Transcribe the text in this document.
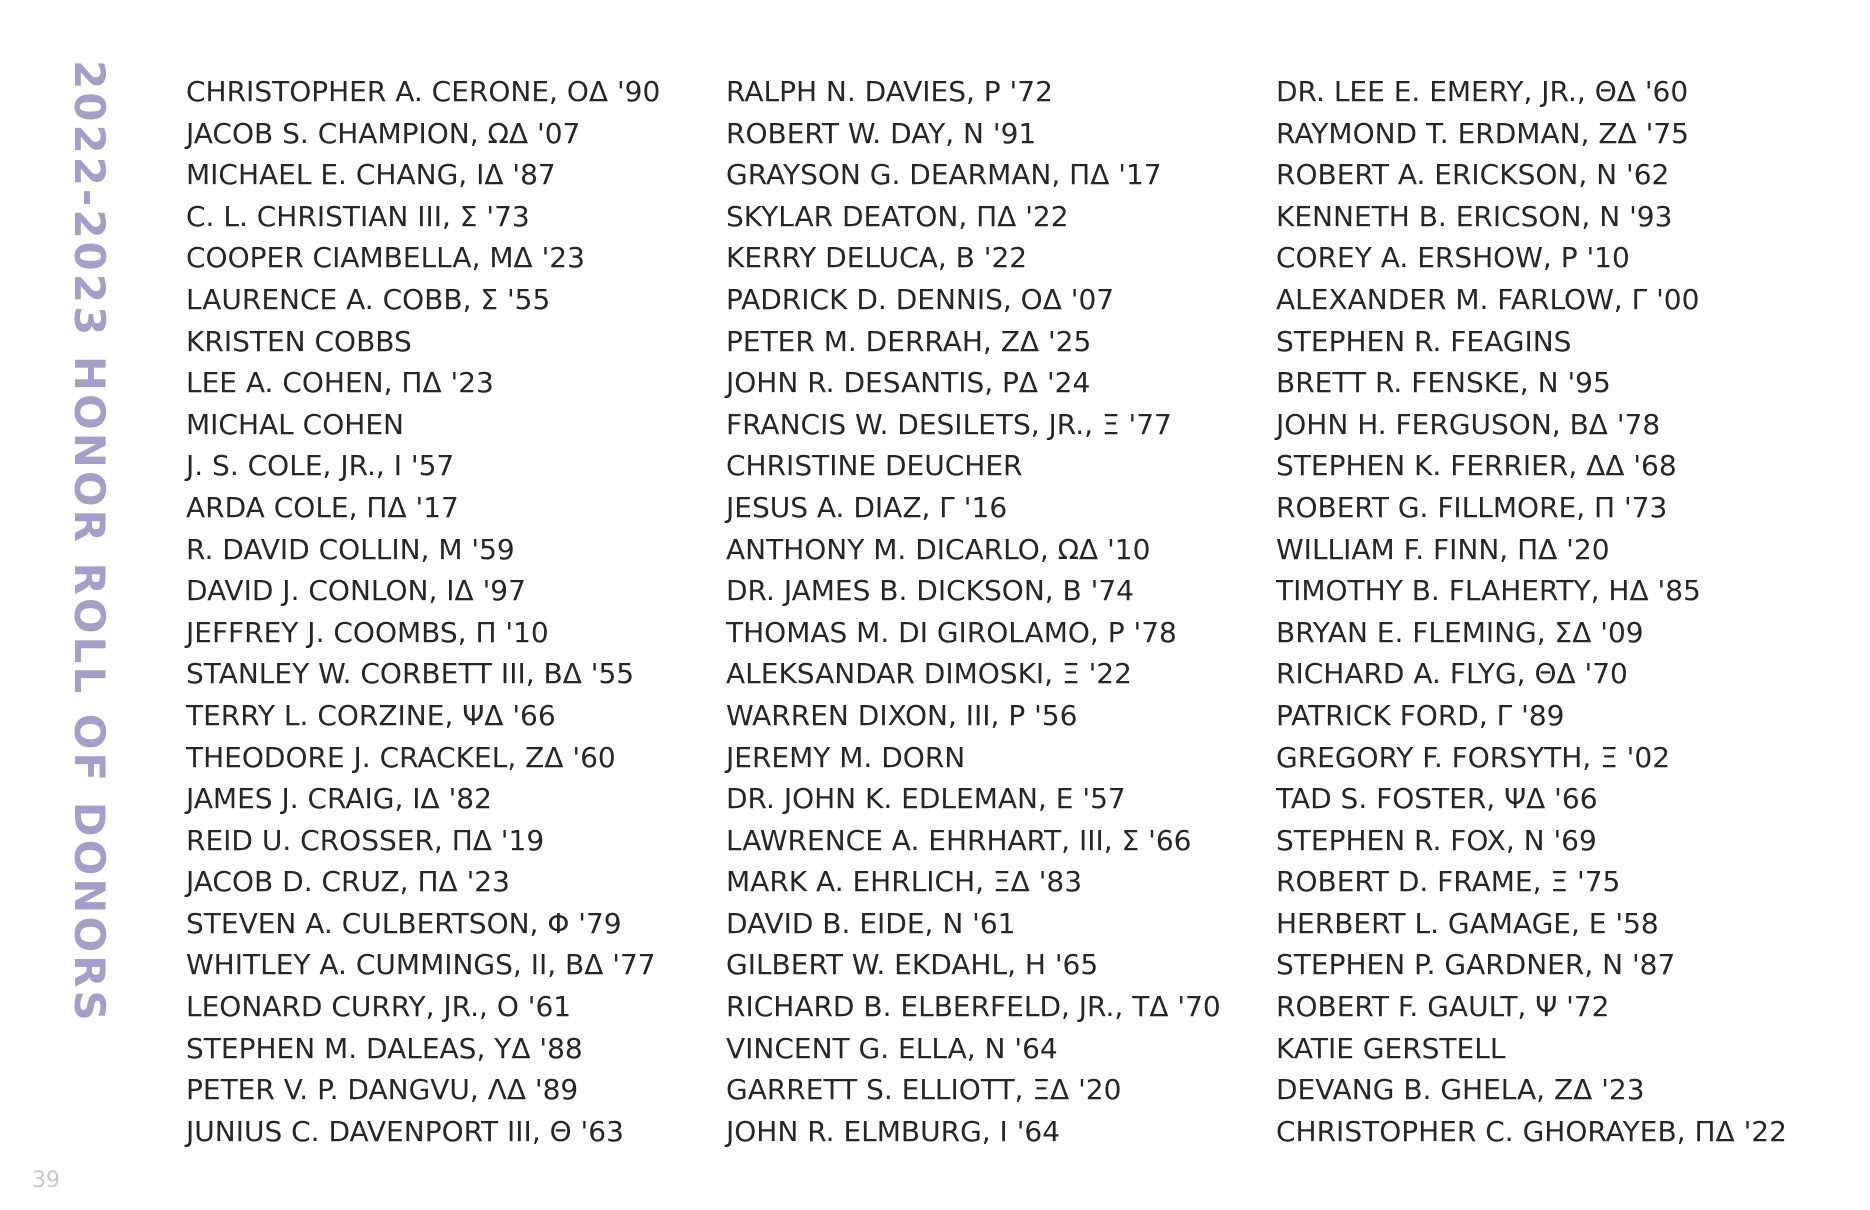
2022-2023 HONOR ROLL OF DONORS	CHRISTOPHER A. CERONE, ΟΔ '90
JACOB S. CHAMPION, ΩΔ '07
MICHAEL E. CHANG, ΙΔ '87
C. L. CHRISTIAN III, Σ '73
COOPER CIAMBELLA, ΜΔ '23
LAURENCE A. COBB, Σ '55
KRISTEN COBBS
LEE A. COHEN, ΠΔ '23
MICHAL COHEN
J. S. COLE, JR., Ι '57
ARDA COLE, ΠΔ '17
R. DAVID COLLIN, Μ '59
DAVID J. CONLON, ΙΔ '97
JEFFREY J. COOMBS, Π '10
STANLEY W. CORBETT III, ΒΔ '55
TERRY L. CORZINE, ΨΔ '66
THEODORE J. CRACKEL, ΖΔ '60
JAMES J. CRAIG, ΙΔ '82
REID U. CROSSER, ΠΔ '19
JACOB D. CRUZ, ΠΔ '23
STEVEN A. CULBERTSON, Φ '79
WHITLEY A. CUMMINGS, II, ΒΔ '77
LEONARD CURRY, JR., Ο '61
STEPHEN M. DALEAS, ΥΔ '88
PETER V. P. DANGVU, ΛΔ '89
JUNIUS C. DAVENPORT III, Θ '63
RALPH N. DAVIES, Ρ '72
ROBERT W. DAY, Ν '91
GRAYSON G. DEARMAN, ΠΔ '17
SKYLAR DEATON, ΠΔ '22
KERRY DELUCA, Β '22
PADRICK D. DENNIS, ΟΔ '07
PETER M. DERRAH, ΖΔ '25
JOHN R. DESANTIS, ΡΔ '24
FRANCIS W. DESILETS, JR., Ξ '77
CHRISTINE DEUCHER
JESUS A. DIAZ, Γ '16
ANTHONY M. DICARLO, ΩΔ '10
DR. JAMES B. DICKSON, Β '74
THOMAS M. DI GIROLAMO, Ρ '78
ALEKSANDAR DIMOSKI, Ξ '22
WARREN DIXON, III, Ρ '56
JEREMY M. DORN
DR. JOHN K. EDLEMAN, Ε '57
LAWRENCE A. EHRHART, III, Σ '66
MARK A. EHRLICH, ΞΔ '83
DAVID B. EIDE, Ν '61
GILBERT W. EKDAHL, Η '65
RICHARD B. ELBERFELD, JR., ΤΔ '70
VINCENT G. ELLA, Ν '64
GARRETT S. ELLIOTT, ΞΔ '20
JOHN R. ELMBURG, Ι '64
DR. LEE E. EMERY, JR., ΘΔ '60
RAYMOND T. ERDMAN, ΖΔ '75
ROBERT A. ERICKSON, Ν '62
KENNETH B. ERICSON, Ν '93
COREY A. ERSHOW, Ρ '10
ALEXANDER M. FARLOW, Γ '00
STEPHEN R. FEAGINS
BRETT R. FENSKE, Ν '95
JOHN H. FERGUSON, ΒΔ '78
STEPHEN K. FERRIER, ΔΔ '68
ROBERT G. FILLMORE, Π '73
WILLIAM F. FINN, ΠΔ '20
TIMOTHY B. FLAHERTY, ΗΔ '85
BRYAN E. FLEMING, ΣΔ '09
RICHARD A. FLYG, ΘΔ '70
PATRICK FORD, Γ '89
GREGORY F. FORSYTH, Ξ '02
TAD S. FOSTER, ΨΔ '66
STEPHEN R. FOX, Ν '69
ROBERT D. FRAME, Ξ '75
HERBERT L. GAMAGE, Ε '58
STEPHEN P. GARDNER, Ν '87
ROBERT F. GAULT, Ψ '72
KATIE GERSTELL
DEVANG B. GHELA, ΖΔ '23
CHRISTOPHER C. GHORAYEB, ΠΔ '22
39
